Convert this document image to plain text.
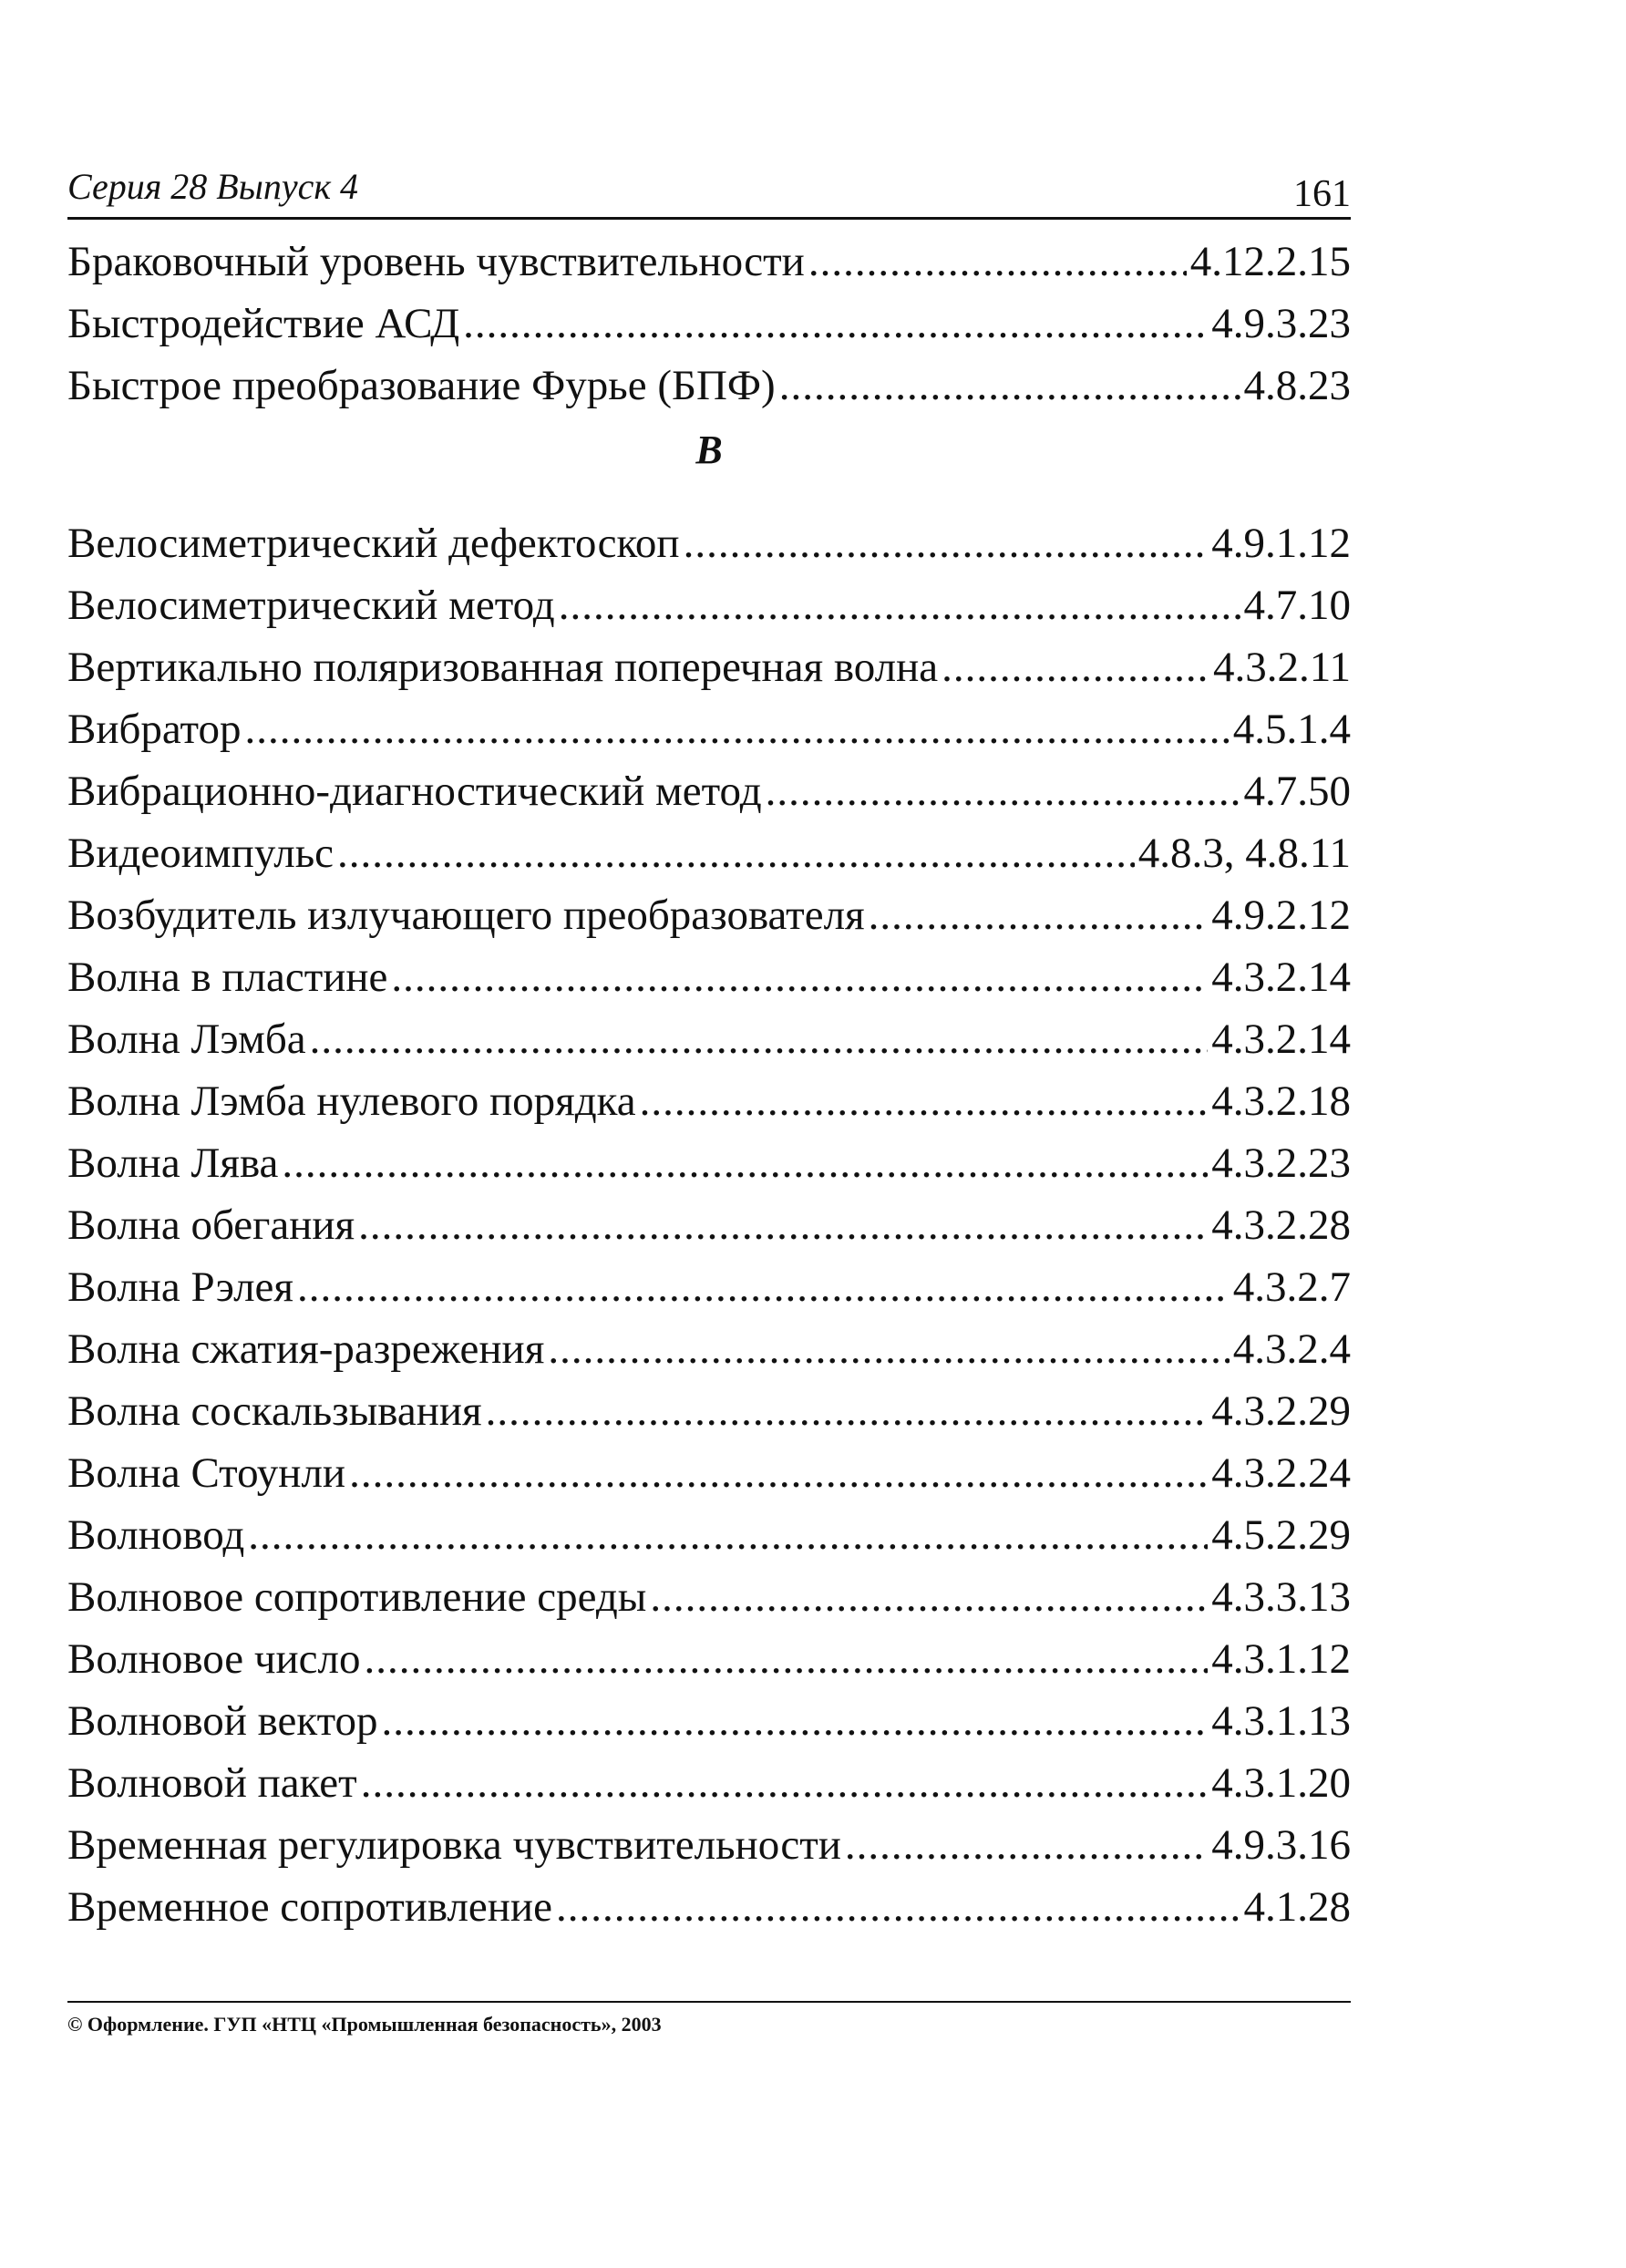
Серия 28 Выпуск 4	161
Браковочный уровень чувствительности .....	4.12.2.15
Быстродействие АСД .....	4.9.3.23
Быстрое преобразование Фурье (БПФ) .....	4.8.23
В
Велосиметрический дефектоскоп .....	4.9.1.12
Велосиметрический метод .....	4.7.10
Вертикально поляризованная поперечная волна .....	4.3.2.11
Вибратор .....	4.5.1.4
Вибрационно-диагностический метод .....	4.7.50
Видеоимпульс .....	4.8.3, 4.8.11
Возбудитель излучающего преобразователя .....	4.9.2.12
Волна в пластине .....	4.3.2.14
Волна Лэмба .....	4.3.2.14
Волна Лэмба нулевого порядка .....	4.3.2.18
Волна Лява .....	4.3.2.23
Волна обегания .....	4.3.2.28
Волна Рэлея .....	4.3.2.7
Волна сжатия-разрежения .....	4.3.2.4
Волна соскальзывания .....	4.3.2.29
Волна Стоунли .....	4.3.2.24
Волновод .....	4.5.2.29
Волновое сопротивление среды .....	4.3.3.13
Волновое число .....	4.3.1.12
Волновой вектор .....	4.3.1.13
Волновой пакет .....	4.3.1.20
Временная регулировка чувствительности .....	4.9.3.16
Временное сопротивление .....	4.1.28
© Оформление. ГУП «НТЦ «Промышленная безопасность», 2003
